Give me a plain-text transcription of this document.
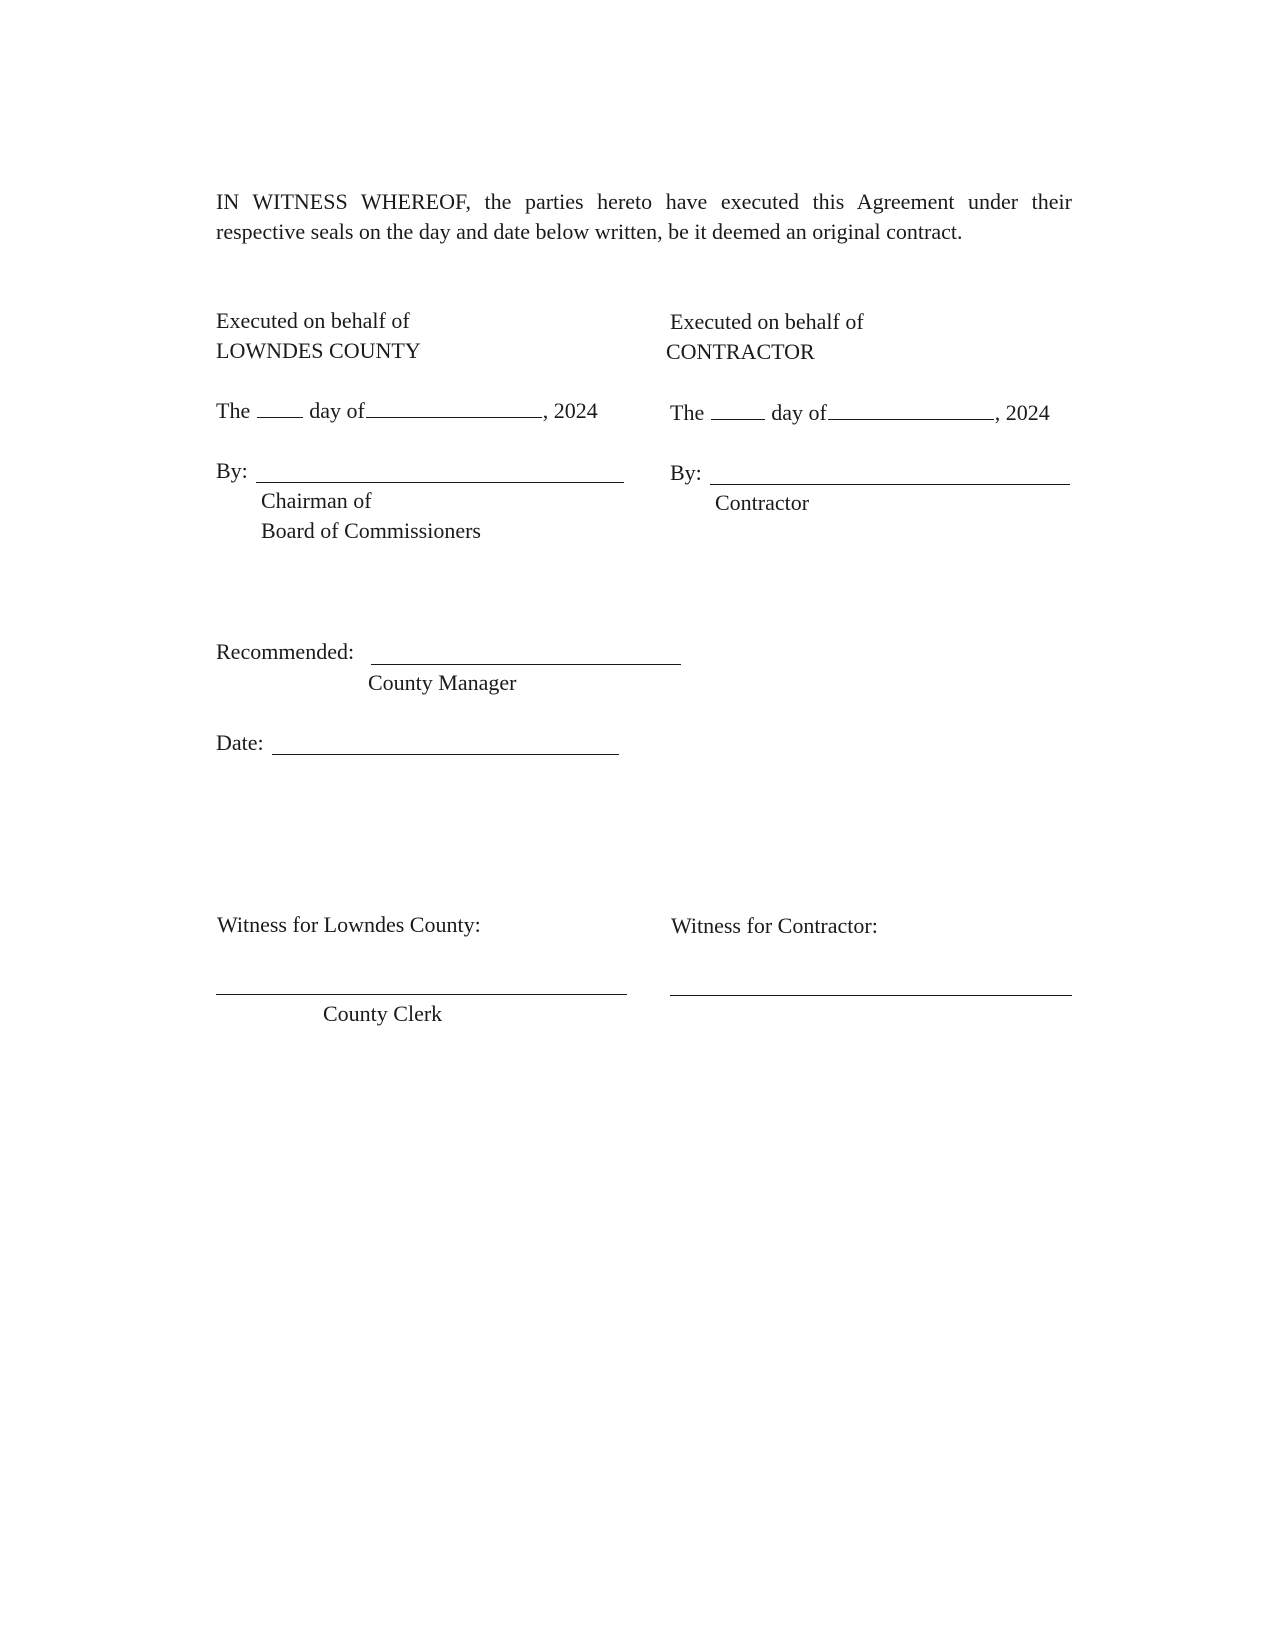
IN WITNESS WHEREOF, the parties hereto have executed this Agreement under their respective seals on the day and date below written, be it deemed an original contract.
Executed on behalf of
LOWNDES COUNTY
The	day of	, 2024
By:
Chairman of
Board of Commissioners
Executed on behalf of
CONTRACTOR
The	day of	, 2024
By:
Contractor
Recommended:
County Manager
Date:
Witness for Lowndes County:	Witness for Contractor:
County Clerk
